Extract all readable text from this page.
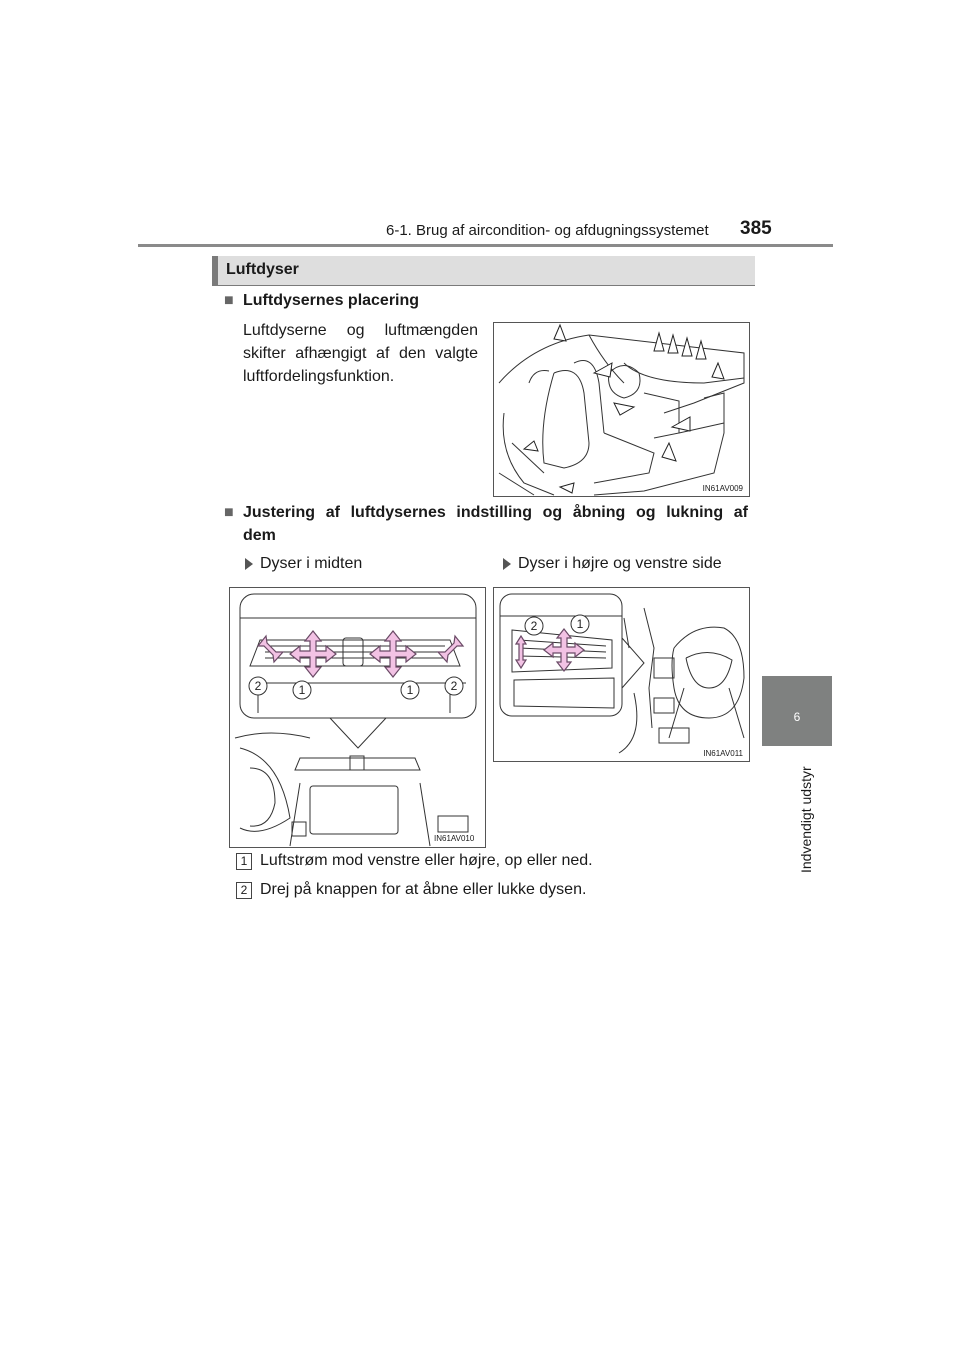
6-1. Brug af aircondition- og afdugningssystemet 385
6
Indvendigt udstyr
Luftdyser
■ Luftdysernes placering
Luftdyserne og luftmængden skifter afhængigt af den valgte luftfordelingsfunktion.
IN61AV009
■ Justering af luftdysernes indstilling og åbning og lukning af
dem
Dyser i midten	Dyser i højre og venstre side
2	1	1	2
IN61AV010
2	1
IN61AV011
1 Luftstrøm mod venstre eller højre, op eller ned.
2 Drej på knappen for at åbne eller lukke dysen.
